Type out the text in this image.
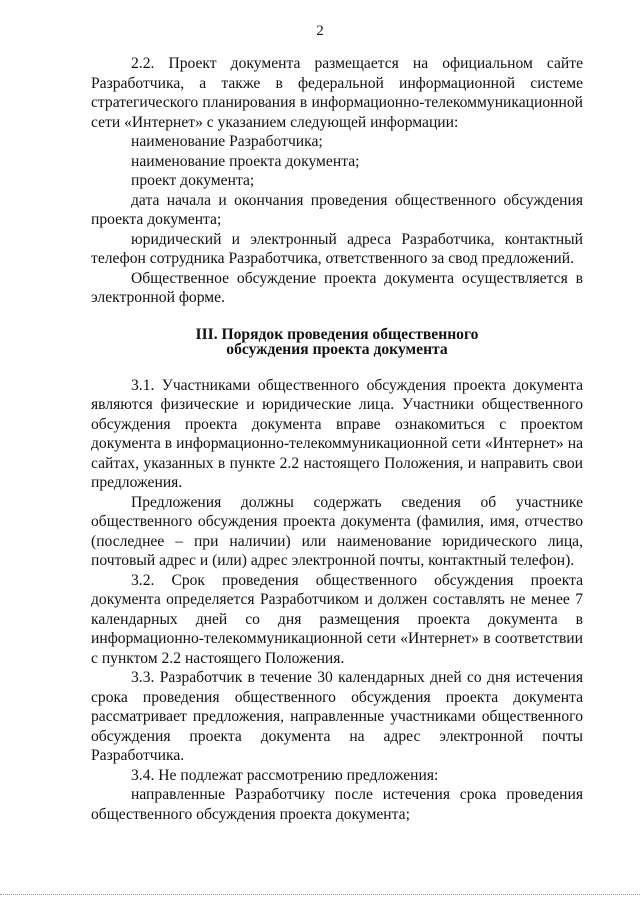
2

2.2. Проект документа размещается на официальном сайте Разработчика, а также в федеральной информационной системе стратегического планирования в информационно-телекоммуникационной сети «Интернет» с указанием следующей информации:

наименование Разработчика;

наименование проекта документа;

проект документа;

дата начала и окончания проведения общественного обсуждения проекта документа;

юридический и электронный адреса Разработчика, контактный телефон сотрудника Разработчика, ответственного за свод предложений.

Общественное обсуждение проекта документа осуществляется в электронной форме.

III. Порядок проведения общественного
обсуждения проекта документа

3.1. Участниками общественного обсуждения проекта документа являются физические и юридические лица. Участники общественного обсуждения проекта документа вправе ознакомиться с проектом документа в информационно-телекоммуникационной сети «Интернет» на сайтах, указанных в пункте 2.2 настоящего Положения, и направить свои предложения.

Предложения должны содержать сведения об участнике общественного обсуждения проекта документа (фамилия, имя, отчество (последнее – при наличии) или наименование юридического лица, почтовый адрес и (или) адрес электронной почты, контактный телефон).

3.2. Срок проведения общественного обсуждения проекта документа определяется Разработчиком и должен составлять не менее 7 календарных дней со дня размещения проекта документа в информационно-телекоммуникационной сети «Интернет» в соответствии с пунктом 2.2 настоящего Положения.

3.3. Разработчик в течение 30 календарных дней со дня истечения срока проведения общественного обсуждения проекта документа рассматривает предложения, направленные участниками общественного обсуждения проекта документа на адрес электронной почты Разработчика.

3.4. Не подлежат рассмотрению предложения:

направленные Разработчику после истечения срока проведения общественного обсуждения проекта документа;
